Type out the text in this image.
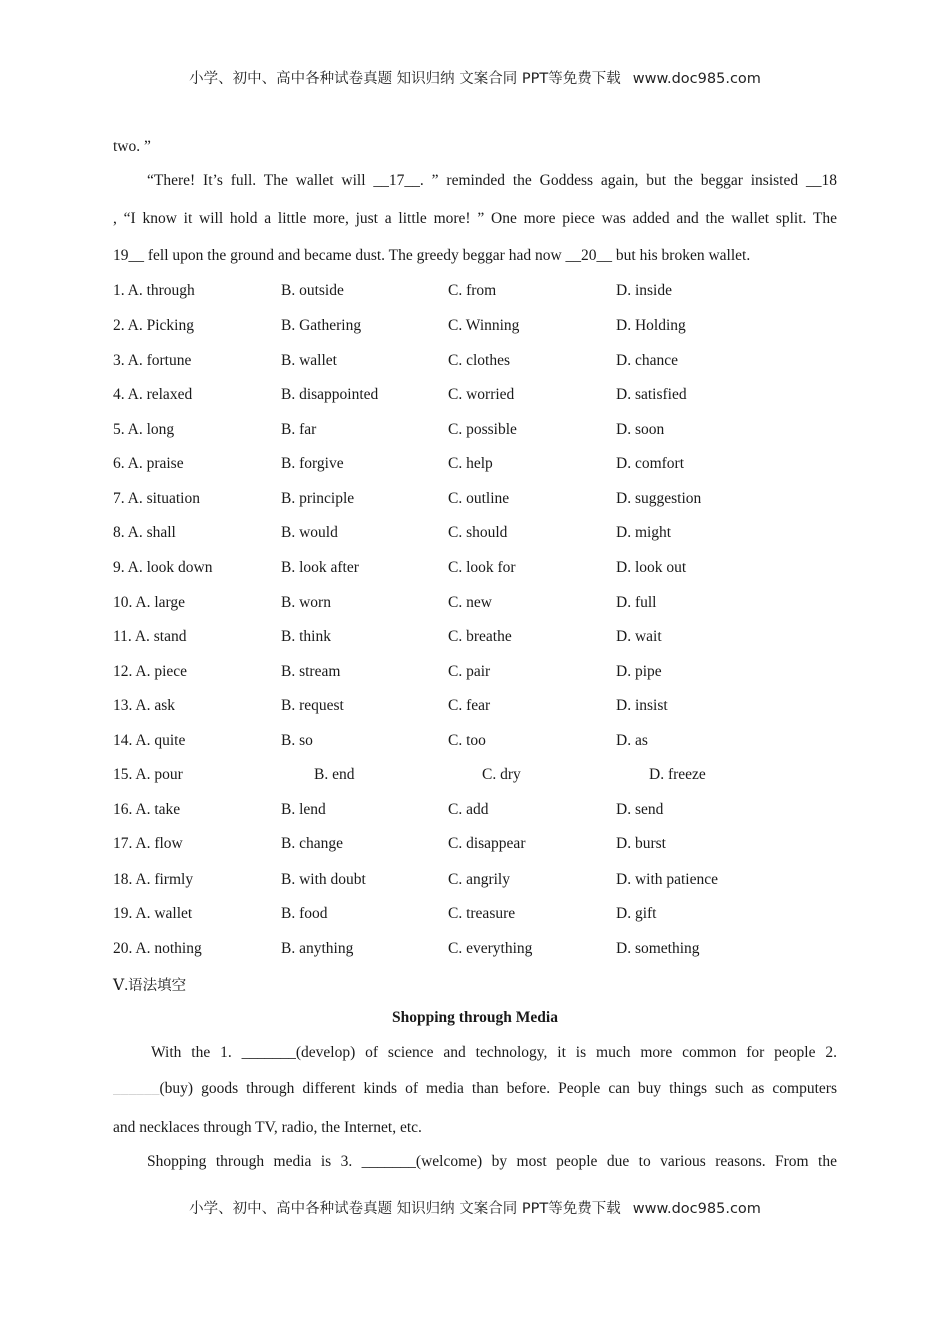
小学、初中、高中各种试卷真题 知识归纳 文案合同 PPT等免费下载 www.doc985.com
two. ”
“There! It’s full. The wallet will __17__. ” reminded the Goddess again, but the beggar insisted __18
, “I know it will hold a little more, just a little more! ” One more piece was added and the wallet split. The
19__ fell upon the ground and became dust. The greedy beggar had now __20__ but his broken wallet.
1. A. through	B. outside	C. from	D. inside
2. A. Picking	B. Gathering	C. Winning	D. Holding
3. A. fortune	B. wallet	C. clothes	D. chance
4. A. relaxed	B. disappointed	C. worried	D. satisfied
5. A. long	B. far	C. possible	D. soon
6. A. praise	B. forgive	C. help	D. comfort
7. A. situation	B. principle	C. outline	D. suggestion
8. A. shall	B. would	C. should	D. might
9. A. look down	B. look after	C. look for	D. look out
10. A. large	B. worn	C. new	D. full
11. A. stand	B. think	C. breathe	D. wait
12. A. piece	B. stream	C. pair	D. pipe
13. A. ask	B. request	C. fear	D. insist
14. A. quite	B. so	C. too	D. as
15. A. pour	B. end	C. dry	D. freeze
16. A. take	B. lend	C. add	D. send
17. A. flow	B. change	C. disappear	D. burst
18. A. firmly	B. with doubt	C. angrily	D. with patience
19. A. wallet	B. food	C. treasure	D. gift
20. A. nothing	B. anything	C. everything	D. something
Ⅴ.语法填空
Shopping through Media
With the 1. _______(develop) of science and technology, it is much more common for people 2.
______(buy) goods through different kinds of media than before. People can buy things such as computers
and necklaces through TV, radio, the Internet, etc.
Shopping through media is 3. _______(welcome) by most people due to various reasons. From the
小学、初中、高中各种试卷真题 知识归纳 文案合同 PPT等免费下载 www.doc985.com
